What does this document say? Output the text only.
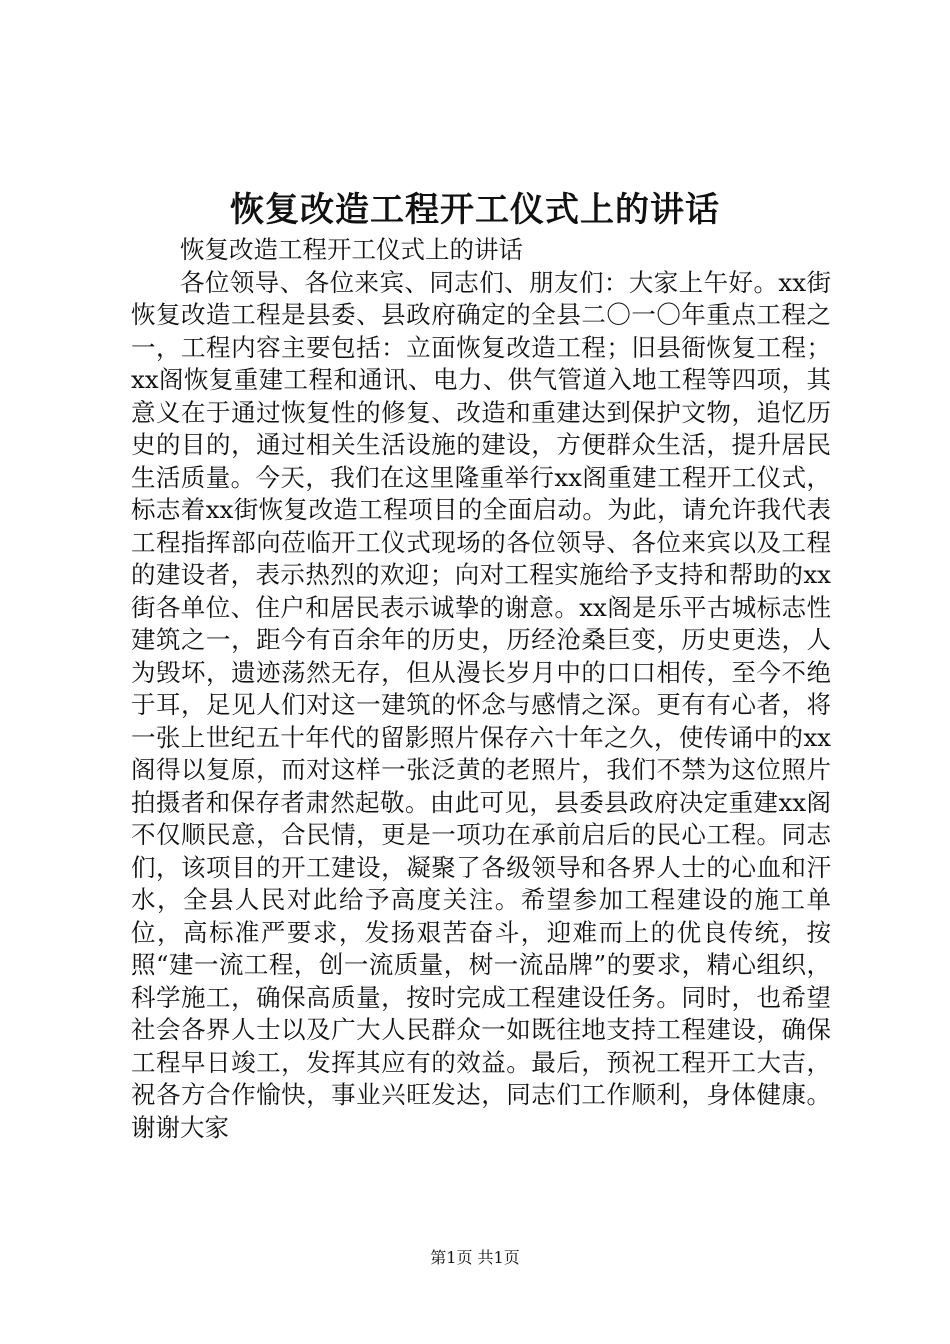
恢复改造工程开工仪式上的讲话

恢复改造工程开工仪式上的讲话

各位领导、各位来宾、同志们、朋友们：大家上午好。xx街恢复改造工程是县委、县政府确定的全县二〇一〇年重点工程之一，工程内容主要包括：立面恢复改造工程；旧县衙恢复工程；xx阁恢复重建工程和通讯、电力、供气管道入地工程等四项，其意义在于通过恢复性的修复、改造和重建达到保护文物，追忆历史的目的，通过相关生活设施的建设，方便群众生活，提升居民生活质量。今天，我们在这里隆重举行xx阁重建工程开工仪式，标志着xx街恢复改造工程项目的全面启动。为此，请允许我代表工程指挥部向莅临开工仪式现场的各位领导、各位来宾以及工程的建设者，表示热烈的欢迎；向对工程实施给予支持和帮助的xx街各单位、住户和居民表示诚挚的谢意。xx阁是乐平古城标志性建筑之一，距今有百余年的历史，历经沧桑巨变，历史更迭，人为毁坏，遗迹荡然无存，但从漫长岁月中的口口相传，至今不绝于耳，足见人们对这一建筑的怀念与感情之深。更有有心者，将一张上世纪五十年代的留影照片保存六十年之久，使传诵中的xx阁得以复原，而对这样一张泛黄的老照片，我们不禁为这位照片拍摄者和保存者肃然起敬。由此可见，县委县政府决定重建xx阁不仅顺民意，合民情，更是一项功在承前启后的民心工程。同志们，该项目的开工建设，凝聚了各级领导和各界人士的心血和汗水，全县人民对此给予高度关注。希望参加工程建设的施工单位，高标准严要求，发扬艰苦奋斗，迎难而上的优良传统，按照“建一流工程，创一流质量，树一流品牌”的要求，精心组织，科学施工，确保高质量，按时完成工程建设任务。同时，也希望社会各界人士以及广大人民群众一如既往地支持工程建设，确保工程早日竣工，发挥其应有的效益。最后，预祝工程开工大吉，祝各方合作愉快，事业兴旺发达，同志们工作顺利，身体健康。谢谢大家

第1页 共1页
